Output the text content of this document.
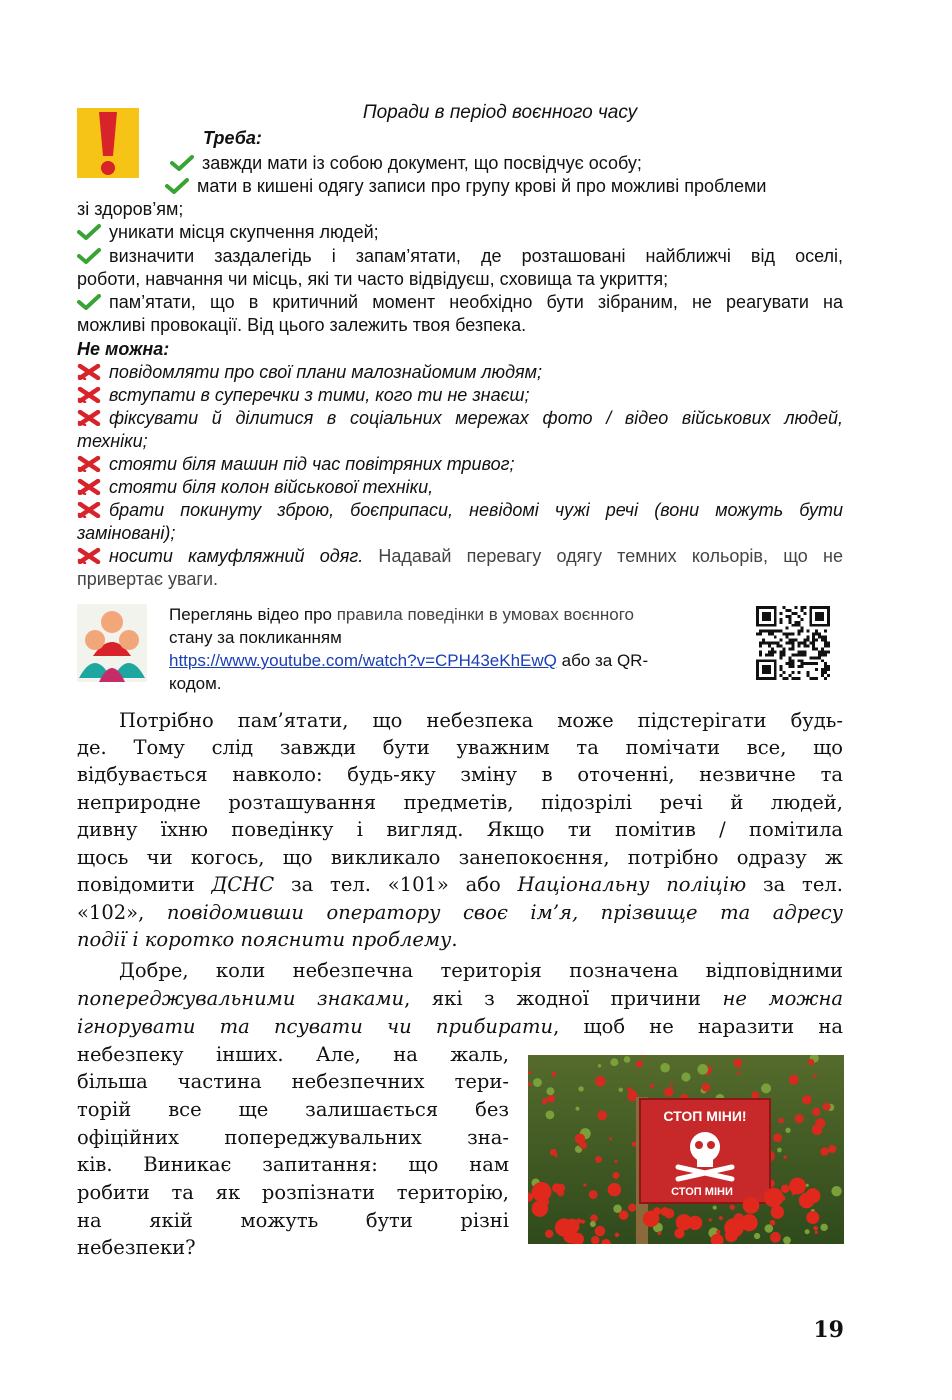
Поради в період воєнного часу
Треба:
завжди мати із собою документ, що посвідчує особу;
мати в кишені одягу записи про групу крові й про можливі проблеми
зі здоров’ям;
уникати місця скупчення людей;
визначити заздалегідь і запам’ятати, де розташовані найближчі від оселі,
роботи, навчання чи місць, які ти часто відвідуєш, сховища та укриття;
пам’ятати, що в критичний момент необхідно бути зібраним, не реагувати на
можливі провокації. Від цього залежить твоя безпека.
Не можна:
повідомляти про свої плани малознайомим людям;
вступати в суперечки з тими, кого ти не знаєш;
фіксувати й ділитися в соціальних мережах фото / відео військових людей,
техніки;
стояти біля машин під час повітряних тривог;
стояти біля колон військової техніки,
брати покинуту зброю, боєприпаси, невідомі чужі речі (вони можуть бути
заміновані);
носити камуфляжний одяг. Надавай перевагу одягу темних кольорів, що не
привертає уваги.
Переглянь відео про правила поведінки в умовах воєнного
стану за покликанням
https://www.youtube.com/watch?v=CPH43eKhEwQ або за QR-
кодом.
Потрібно пам’ятати, що небезпека може підстерігати будь-
де. Тому слід завжди бути уважним та помічати все, що
відбувається навколо: будь-яку зміну в оточенні, незвичне та
неприродне розташування предметів, підозрілі речі й людей,
дивну їхню поведінку і вигляд. Якщо ти помітив / помітила
щось чи когось, що викликало занепокоєння, потрібно одразу ж
повідомити ДСНС за тел. «101» або Національну поліцію за тел.
«102», повідомивши оператору своє ім’я, прізвище та адресу
події і коротко пояснити проблему.
Добре, коли небезпечна територія позначена відповідними
попереджувальними знаками, які з жодної причини не можна
ігнорувати та псувати чи прибирати, щоб не наразити на
небезпеку інших. Але, на жаль,
більша частина небезпечних тери-
торій все ще залишається без
офіційних попереджувальних зна-
ків. Виникає запитання: що нам
робити та як розпізнати територію,
на якій можуть бути різні
небезпеки?
СТОП МІНИ!
СТОП МІНИ
19
